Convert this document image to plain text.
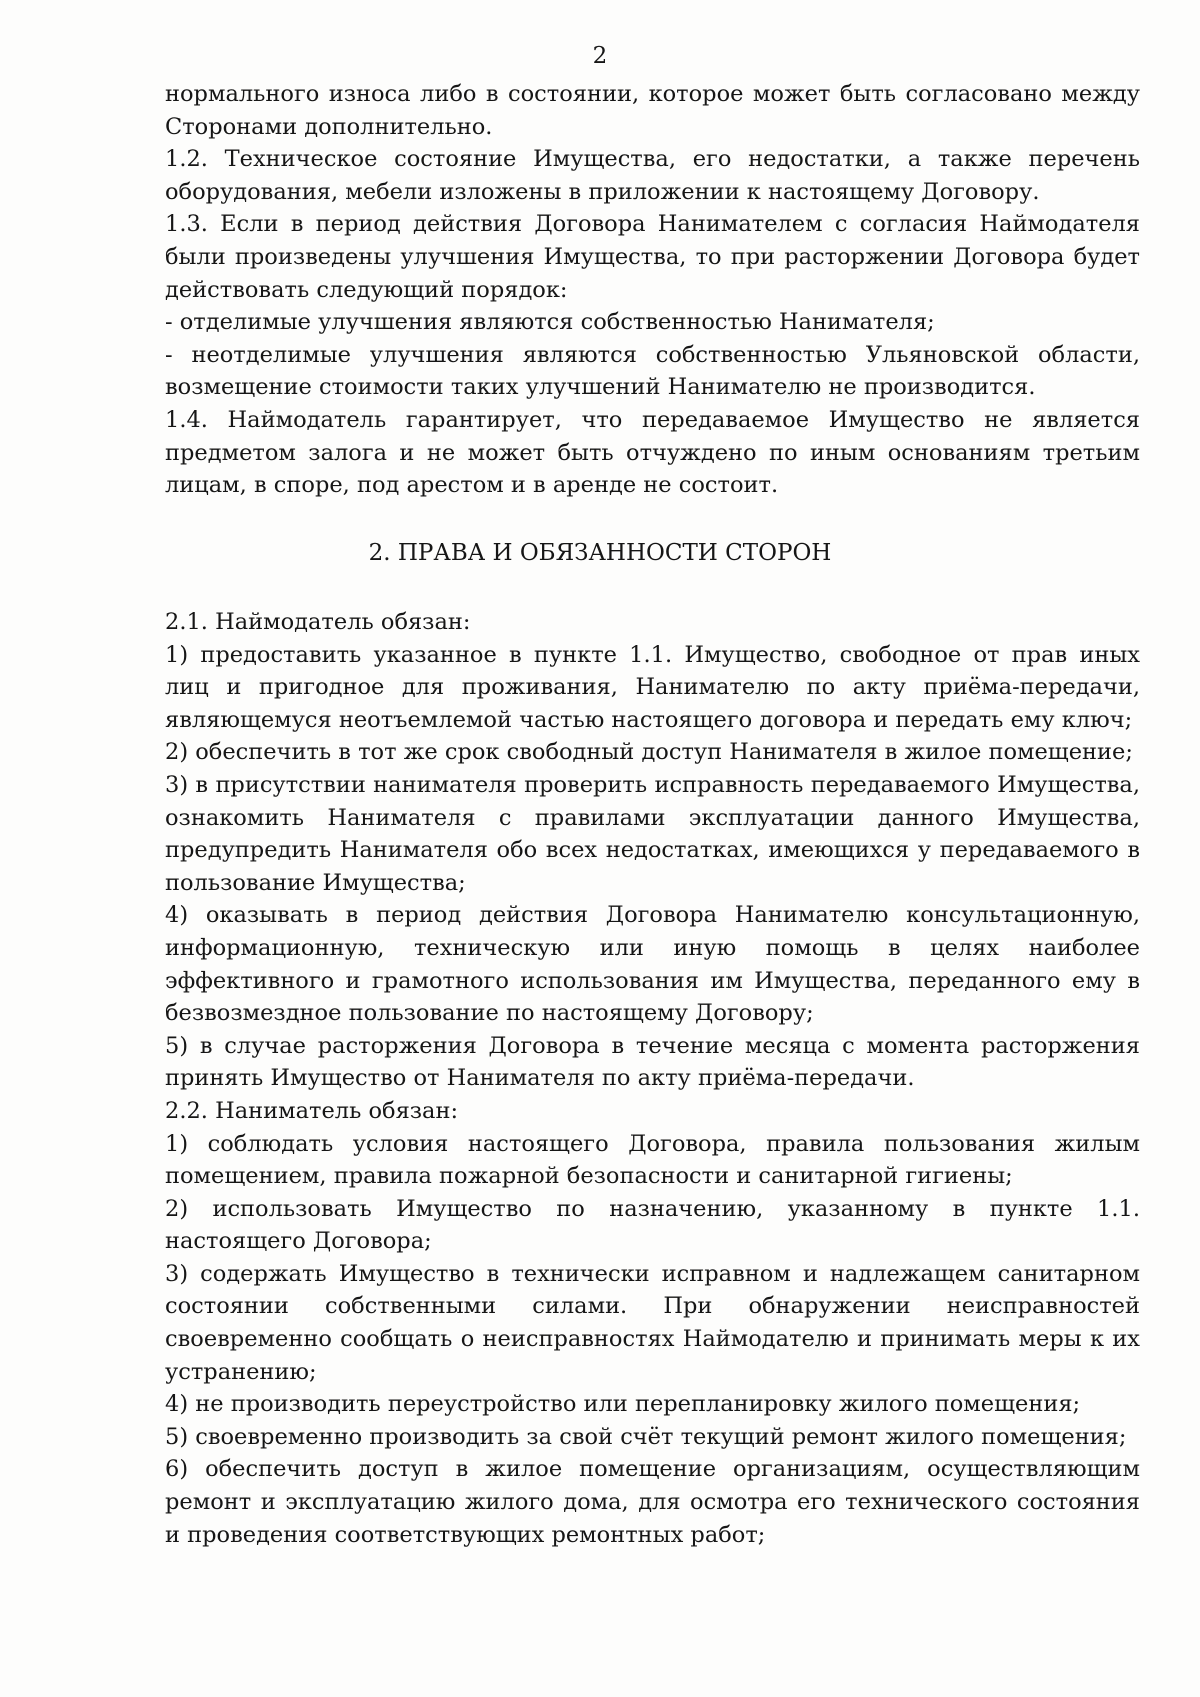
2

нормального износа либо в состоянии, которое может быть согласовано между Сторонами дополнительно.

1.2. Техническое состояние Имущества, его недостатки, а также перечень оборудования, мебели изложены в приложении к настоящему Договору.

1.3. Если в период действия Договора Нанимателем с согласия Наймодателя были произведены улучшения Имущества, то при расторжении Договора будет действовать следующий порядок:

- отделимые улучшения являются собственностью Нанимателя;

- неотделимые улучшения являются собственностью Ульяновской области, возмещение стоимости таких улучшений Нанимателю не производится.

1.4. Наймодатель гарантирует, что передаваемое Имущество не является предметом залога и не может быть отчуждено по иным основаниям третьим лицам, в споре, под арестом и в аренде не состоит.

2. ПРАВА И ОБЯЗАННОСТИ СТОРОН

2.1. Наймодатель обязан:

1) предоставить указанное в пункте 1.1. Имущество, свободное от прав иных лиц и пригодное для проживания, Нанимателю по акту приёма-передачи, являющемуся неотъемлемой частью настоящего договора и передать ему ключ;

2) обеспечить в тот же срок свободный доступ Нанимателя в жилое помещение;

3) в присутствии нанимателя проверить исправность передаваемого Имущества, ознакомить Нанимателя с правилами эксплуатации данного Имущества, предупредить Нанимателя обо всех недостатках, имеющихся у передаваемого в пользование Имущества;

4) оказывать в период действия Договора Нанимателю консультационную, информационную, техническую или иную помощь в целях наиболее эффективного и грамотного использования им Имущества, переданного ему в безвозмездное пользование по настоящему Договору;

5) в случае расторжения Договора в течение месяца с момента расторжения принять Имущество от Нанимателя по акту приёма-передачи.

2.2. Наниматель обязан:

1) соблюдать условия настоящего Договора, правила пользования жилым помещением, правила пожарной безопасности и санитарной гигиены;

2) использовать Имущество по назначению, указанному в пункте 1.1. настоящего Договора;

3) содержать Имущество в технически исправном и надлежащем санитарном состоянии собственными силами. При обнаружении неисправностей своевременно сообщать о неисправностях Наймодателю и принимать меры к их устранению;

4) не производить переустройство или перепланировку жилого помещения;

5) своевременно производить за свой счёт текущий ремонт жилого помещения;

6) обеспечить доступ в жилое помещение организациям, осуществляющим ремонт и эксплуатацию жилого дома, для осмотра его технического состояния и проведения соответствующих ремонтных работ;
